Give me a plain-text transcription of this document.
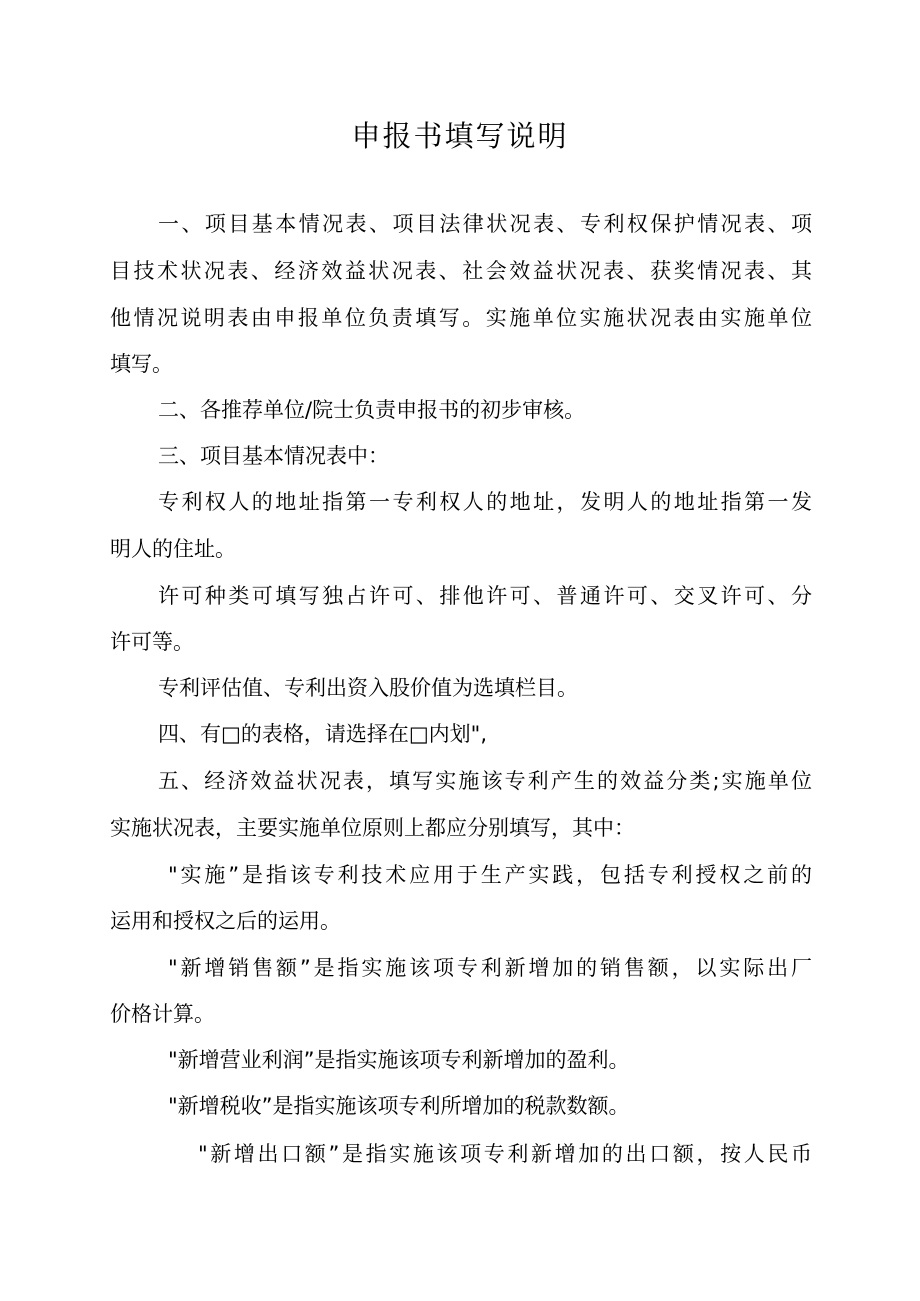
申报书填写说明
一、项目基本情况表、项目法律状况表、专利权保护情况表、项
目技术状况表、经济效益状况表、社会效益状况表、获奖情况表、其
他情况说明表由申报单位负责填写。实施单位实施状况表由实施单位
填写。
二、各推荐单位/院士负责申报书的初步审核。
三、项目基本情况表中：
专利权人的地址指第一专利权人的地址，发明人的地址指第一发
明人的住址。
许可种类可填写独占许可、排他许可、普通许可、交叉许可、分
许可等。
专利评估值、专利出资入股价值为选填栏目。
四、有□的表格，请选择在□内划",
五、经济效益状况表，填写实施该专利产生的效益分类;实施单位
实施状况表，主要实施单位原则上都应分别填写，其中：
"实施”是指该专利技术应用于生产实践，包括专利授权之前的
运用和授权之后的运用。
"新增销售额”是指实施该项专利新增加的销售额，以实际出厂
价格计算。
"新增营业利润”是指实施该项专利新增加的盈利。
"新增税收”是指实施该项专利所增加的税款数额。
"新增出口额”是指实施该项专利新增加的出口额，按人民币
